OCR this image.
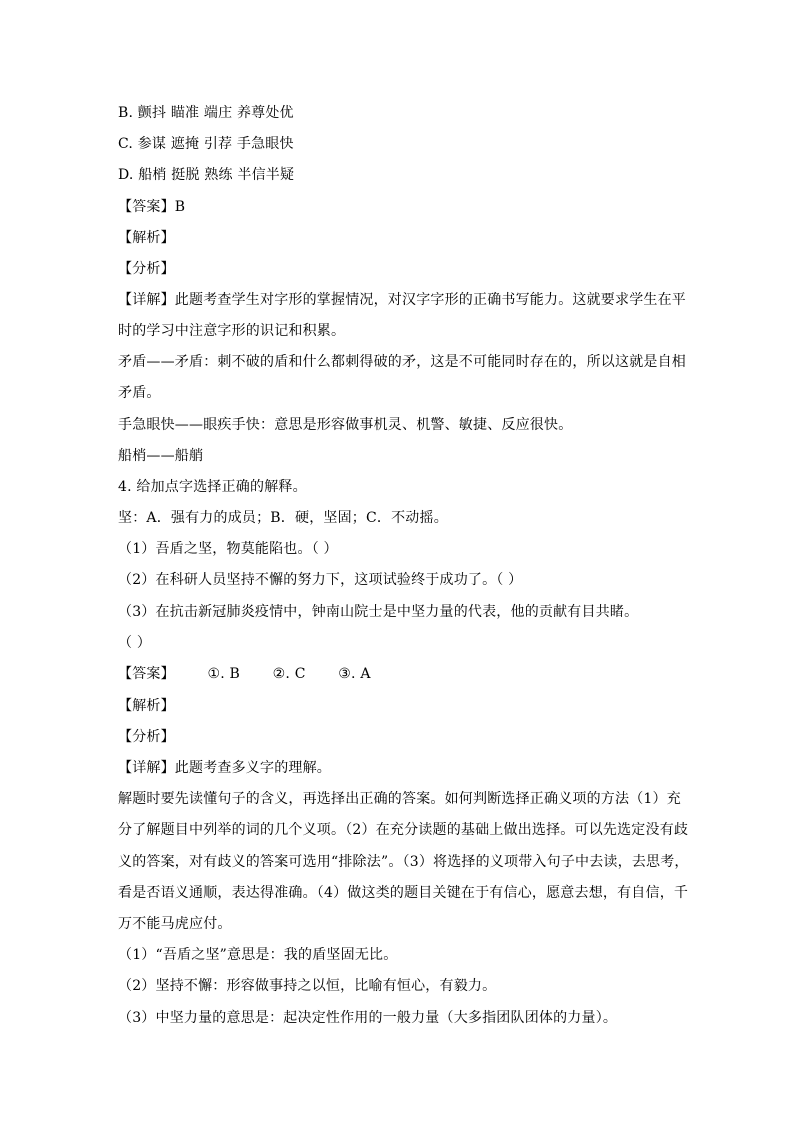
B. 颤抖 瞄准 端庄 养尊处优
C. 参谋 遮掩 引荐 手急眼快
D. 船梢 挺脱 熟练 半信半疑
【答案】B
【解析】
【分析】
【详解】此题考查学生对字形的掌握情况，对汉字字形的正确书写能力。这就要求学生在平
时的学习中注意字形的识记和积累。
矛盾——矛盾：刺不破的盾和什么都刺得破的矛，这是不可能同时存在的，所以这就是自相
矛盾。
手急眼快——眼疾手快：意思是形容做事机灵、机警、敏捷、反应很快。
船梢——船艄
4. 给加点字选择正确的解释。
坚：A．强有力的成员；B．硬，坚固；C．不动摇。
（1）吾盾之坚，物莫能陷也。（ ）
（2）在科研人员坚持不懈的努力下，这项试验终于成功了。（ ）
（3）在抗击新冠肺炎疫情中，钟南山院士是中坚力量的代表，他的贡献有目共睹。
（ ）
【答案】 ①. B ②. C ③. A
【解析】
【分析】
【详解】此题考查多义字的理解。
解题时要先读懂句子的含义，再选择出正确的答案。如何判断选择正确义项的方法（1）充
分了解题目中列举的词的几个义项。（2）在充分读题的基础上做出选择。可以先选定没有歧
义的答案，对有歧义的答案可选用“排除法”。（3）将选择的义项带入句子中去读，去思考，
看是否语义通顺，表达得准确。（4）做这类的题目关键在于有信心，愿意去想，有自信，千
万不能马虎应付。
（1）“吾盾之坚”意思是：我的盾坚固无比。
（2）坚持不懈：形容做事持之以恒，比喻有恒心，有毅力。
（3）中坚力量的意思是：起决定性作用的一般力量（大多指团队团体的力量）。
